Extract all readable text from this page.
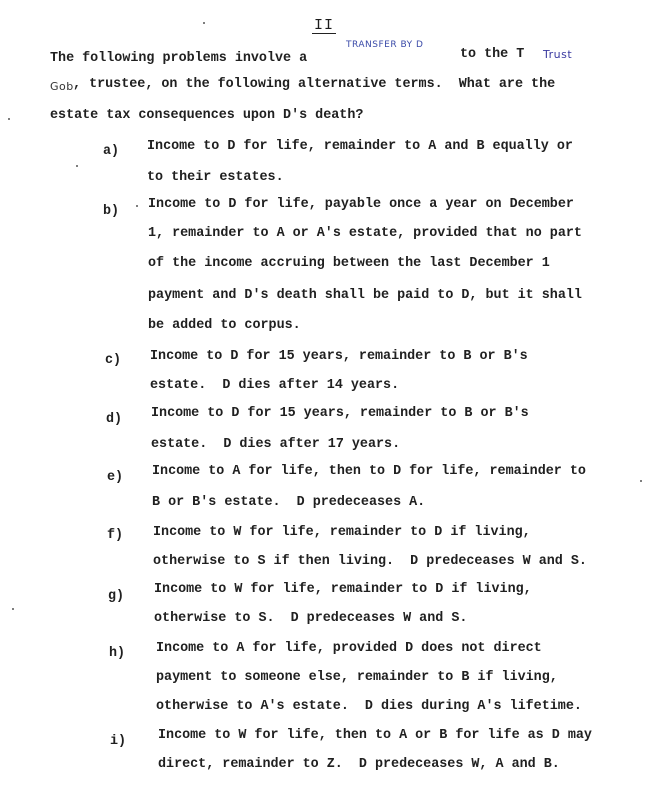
II
TRANSFER BY D
The following problems involve a	to the T Trust
Gob , trustee, on the following alternative terms.  What are the
estate tax consequences upon D's death?
a) Income to D for life, remainder to A and B equally or
to their estates.
b) Income to D for life, payable once a year on December
1, remainder to A or A's estate, provided that no part
of the income accruing between the last December 1
payment and D's death shall be paid to D, but it shall
be added to corpus.
c) Income to D for 15 years, remainder to B or B's
estate.  D dies after 14 years.
d) Income to D for 15 years, remainder to B or B's
estate.  D dies after 17 years.
e) Income to A for life, then to D for life, remainder to
B or B's estate.  D predeceases A.
f) Income to W for life, remainder to D if living,
otherwise to S if then living.  D predeceases W and S.
g) Income to W for life, remainder to D if living,
otherwise to S.  D predeceases W and S.
h) Income to A for life, provided D does not direct
payment to someone else, remainder to B if living,
otherwise to A's estate.  D dies during A's lifetime.
i) Income to W for life, then to A or B for life as D may
direct, remainder to Z.  D predeceases W, A and B.
